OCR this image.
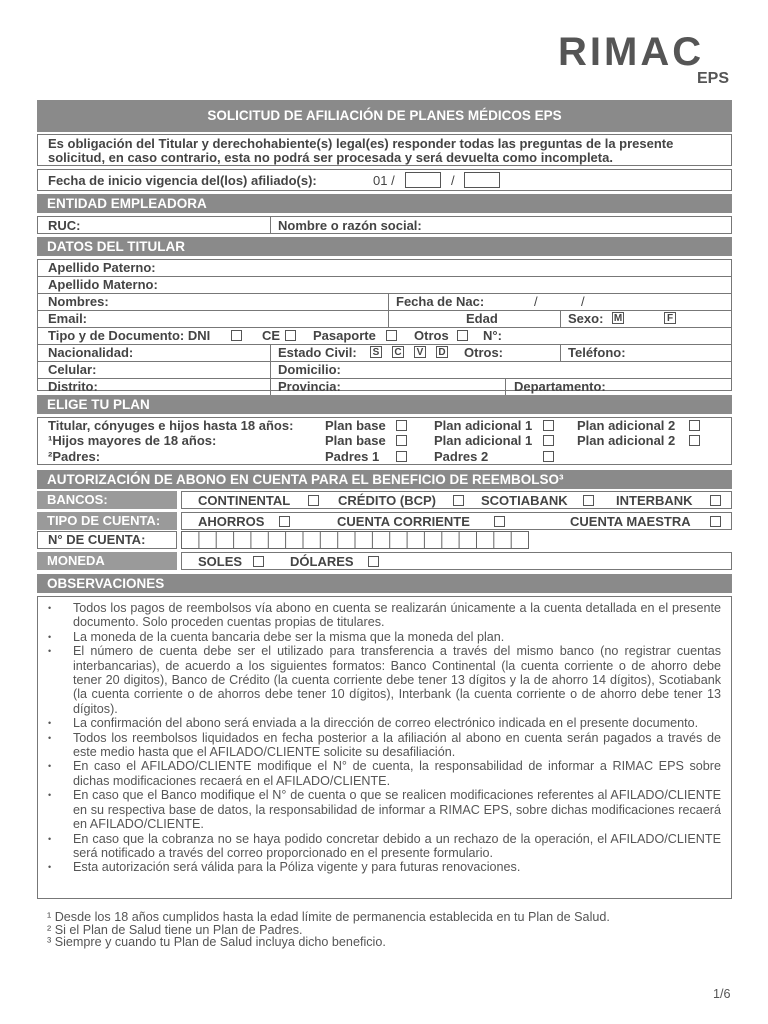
RIMAC
EPS
SOLICITUD DE AFILIACIÓN DE PLANES MÉDICOS EPS
Es obligación del Titular y derechohabiente(s) legal(es) responder todas las preguntas de la presente
solicitud, en caso contrario, esta no podrá ser procesada y será devuelta como incompleta.
Fecha de inicio vigencia del(los) afiliado(s):	01 /	/
ENTIDAD EMPLEADORA
RUC:	Nombre o razón social:
DATOS DEL TITULAR
Apellido Paterno:
Apellido Materno:
Nombres:	Fecha de Nac:	/	/
Email:	Edad	Sexo: M	F
Tipo y de Documento: DNI	CE	Pasaporte	Otros	N°:
Nacionalidad:	Estado Civil: S C V D Otros:	Teléfono:
Celular:	Domicilio:
Distrito:	Provincia:	Departamento:
ELIGE TU PLAN
Titular, cónyuges e hijos hasta 18 años: Plan base	Plan adicional 1	Plan adicional 2
¹Hijos mayores de 18 años:	Plan base	Plan adicional 1	Plan adicional 2
²Padres:	Padres 1	Padres 2
AUTORIZACIÓN DE ABONO EN CUENTA PARA EL BENEFICIO DE REEMBOLSO³
BANCOS:	CONTINENTAL	CRÉDITO (BCP)	SCOTIABANK	INTERBANK
TIPO DE CUENTA:	AHORROS	CUENTA CORRIENTE	CUENTA MAESTRA
N° DE CUENTA:
MONEDA	SOLES	DÓLARES
OBSERVACIONES
• Todos los pagos de reembolsos vía abono en cuenta se realizarán únicamente a la cuenta detallada en el presente documento. Solo proceden cuentas propias de titulares.
• La moneda de la cuenta bancaria debe ser la misma que la moneda del plan.
• El número de cuenta debe ser el utilizado para transferencia a través del mismo banco (no registrar cuentas interbancarias), de acuerdo a los siguientes formatos: Banco Continental (la cuenta corriente o de ahorro debe tener 20 digitos), Banco de Crédito (la cuenta corriente debe tener 13 dígitos y la de ahorro 14 dígitos), Scotiabank (la cuenta corriente o de ahorros debe tener 10 dígitos), Interbank (la cuenta corriente o de ahorro debe tener 13 dígitos).
• La confirmación del abono será enviada a la dirección de correo electrónico indicada en el presente documento.
• Todos los reembolsos liquidados en fecha posterior a la afiliación al abono en cuenta serán pagados a través de este medio hasta que el AFILADO/CLIENTE solicite su desafiliación.
• En caso el AFILADO/CLIENTE modifique el N° de cuenta, la responsabilidad de informar a RIMAC EPS sobre dichas modificaciones recaerá en el AFILADO/CLIENTE.
• En caso que el Banco modifique el N° de cuenta o que se realicen modificaciones referentes al AFILADO/CLIENTE en su respectiva base de datos, la responsabilidad de informar a RIMAC EPS, sobre dichas modificaciones recaerá en AFILADO/CLIENTE.
• En caso que la cobranza no se haya podido concretar debido a un rechazo de la operación, el AFILADO/CLIENTE será notificado a través del correo proporcionado en el presente formulario.
• Esta autorización será válida para la Póliza vigente y para futuras renovaciones.
¹ Desde los 18 años cumplidos hasta la edad límite de permanencia establecida en tu Plan de Salud.
² Si el Plan de Salud tiene un Plan de Padres.
³ Siempre y cuando tu Plan de Salud incluya dicho beneficio.
1/6
